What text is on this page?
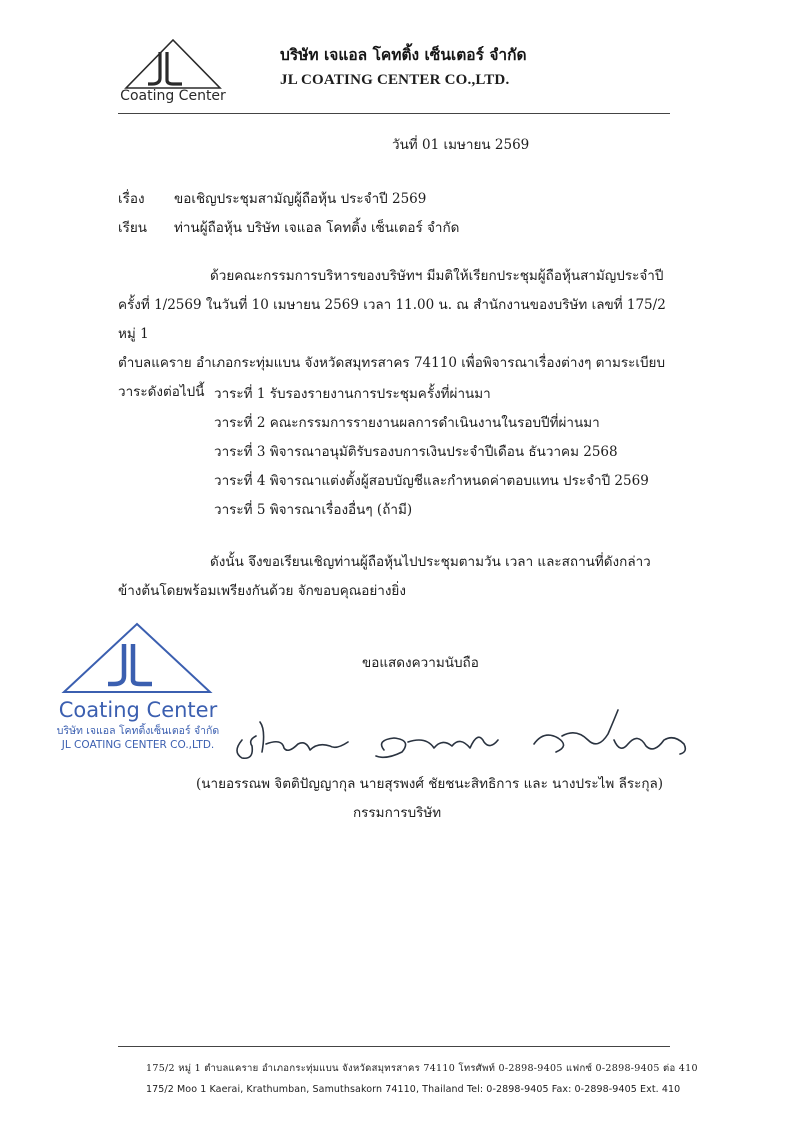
Coating Center
บริษัท เจแอล โคทติ้ง เซ็นเตอร์ จำกัด
JL COATING CENTER CO.,LTD.
วันที่ 01 เมษายน 2569
เรื่อง ขอเชิญประชุมสามัญผู้ถือหุ้น ประจำปี 2569
เรียน ท่านผู้ถือหุ้น บริษัท เจแอล โคทติ้ง เซ็นเตอร์ จำกัด
ด้วยคณะกรรมการบริหารของบริษัทฯ มีมติให้เรียกประชุมผู้ถือหุ้นสามัญประจำปี
ครั้งที่ 1/2569 ในวันที่ 10 เมษายน 2569 เวลา 11.00 น. ณ สำนักงานของบริษัท เลขที่ 175/2 หมู่ 1
ตำบลแคราย อำเภอกระทุ่มแบน จังหวัดสมุทรสาคร 74110 เพื่อพิจารณาเรื่องต่างๆ ตามระเบียบ
วาระดังต่อไปนี้ วาระที่ 1 รับรองรายงานการประชุมครั้งที่ผ่านมา
วาระที่ 2 คณะกรรมการรายงานผลการดำเนินงานในรอบปีที่ผ่านมา
วาระที่ 3 พิจารณาอนุมัติรับรองบการเงินประจำปีเดือน ธันวาคม 2568
วาระที่ 4 พิจารณาแต่งตั้งผู้สอบบัญชีและกำหนดค่าตอบแทน ประจำปี 2569
วาระที่ 5 พิจารณาเรื่องอื่นๆ (ถ้ามี)
ดังนั้น จึงขอเรียนเชิญท่านผู้ถือหุ้นไปประชุมตามวัน เวลา และสถานที่ดังกล่าว
ข้างต้นโดยพร้อมเพรียงกันด้วย จักขอบคุณอย่างยิ่ง
ขอแสดงความนับถือ
Coating Center
บริษัท เจแอล โคทติ้งเซ็นเตอร์ จำกัด
JL COATING CENTER CO.,LTD.
(นายอรรณพ จิตติปัญญากุล นายสุรพงศ์ ชัยชนะสิทธิการ และ นางประไพ ลีระกุล)
กรรมการบริษัท
175/2 หมู่ 1 ตำบลแคราย อำเภอกระทุ่มแบน จังหวัดสมุทรสาคร 74110 โทรศัพท์ 0-2898-9405 แฟกซ์ 0-2898-9405 ต่อ 410
175/2 Moo 1 Kaerai, Krathumban, Samuthsakorn 74110, Thailand Tel: 0-2898-9405 Fax: 0-2898-9405 Ext. 410
